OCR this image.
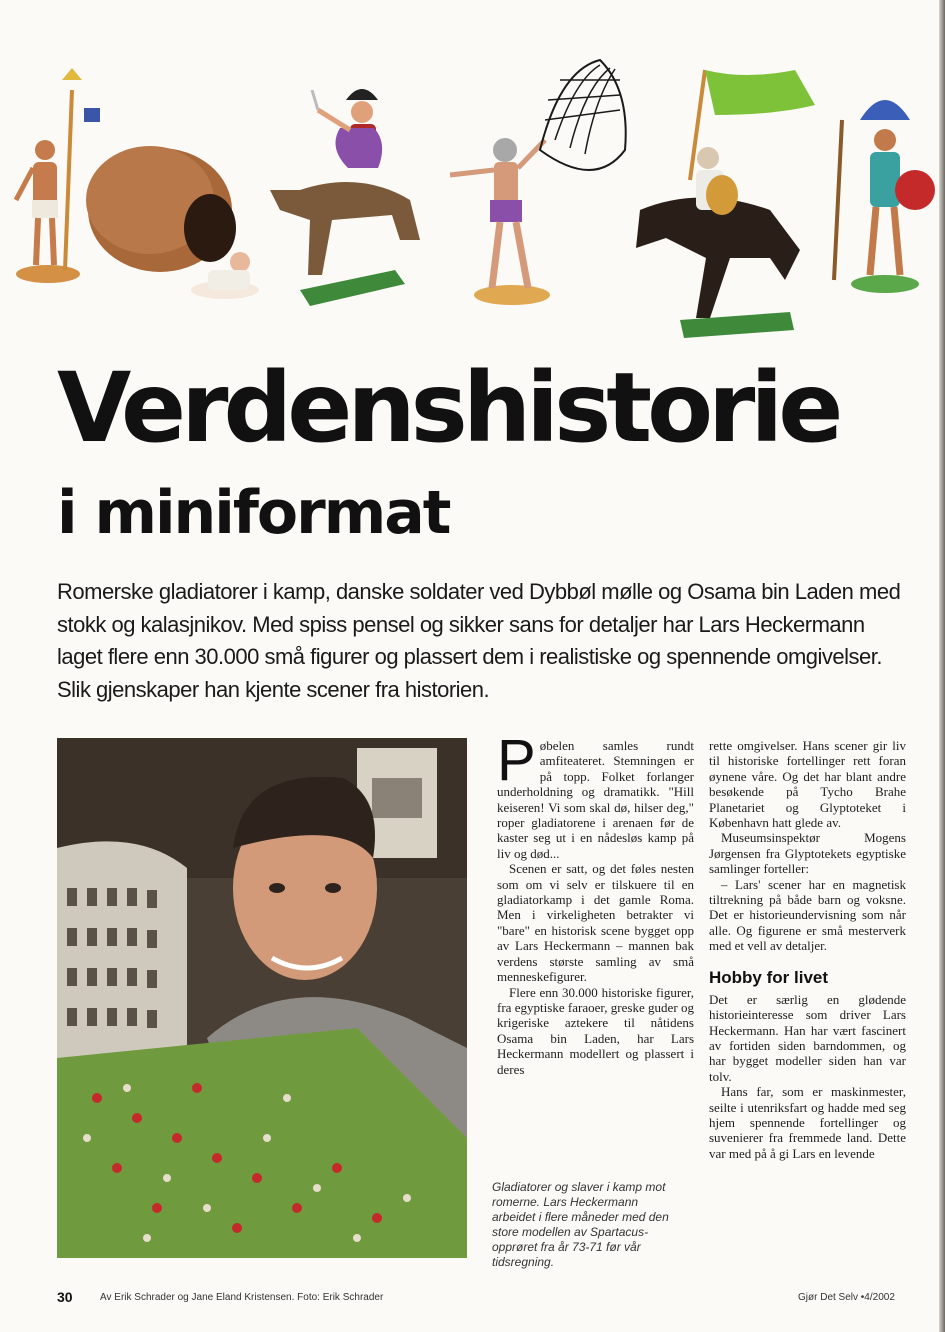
Verdenshistorie
i miniformat

Romerske gladiatorer i kamp, danske soldater ved Dybbøl mølle og Osama bin Laden med stokk og kalasjnikov. Med spiss pensel og sikker sans for detaljer har Lars Heckermann laget flere enn 30.000 små figurer og plassert dem i realistiske og spennende omgivelser. Slik gjenskaper han kjente scener fra historien.

Pøbelen samles rundt amfiteateret. Stemningen er på topp. Folket forlanger underholdning og dramatikk. "Hill keiseren! Vi som skal dø, hilser deg," roper gladiatorene i arenaen før de kaster seg ut i en nådesløs kamp på liv og død...

Scenen er satt, og det føles nesten som om vi selv er tilskuere til en gladiatorkamp i det gamle Roma. Men i virkeligheten betrakter vi "bare" en historisk scene bygget opp av Lars Heckermann – mannen bak verdens største samling av små menneskefigurer.

Flere enn 30.000 historiske figurer, fra egyptiske faraoer, greske guder og krigeriske aztekere til nåtidens Osama bin Laden, har Lars Heckermann modellert og plassert i deres

rette omgivelser. Hans scener gir liv til historiske fortellinger rett foran øynene våre. Og det har blant andre besøkende på Tycho Brahe Planetariet og Glyptoteket i København hatt glede av.

Museumsinspektør Mogens Jørgensen fra Glyptotekets egyptiske samlinger forteller:

– Lars' scener har en magnetisk tiltrekning på både barn og voksne. Det er historieundervisning som når alle. Og figurene er små mesterverk med et vell av detaljer.

Hobby for livet

Det er særlig en glødende historieinteresse som driver Lars Heckermann. Han har vært fascinert av fortiden siden barndommen, og har bygget modeller siden han var tolv.

Hans far, som er maskinmester, seilte i utenriksfart og hadde med seg hjem spennende fortellinger og suvenierer fra fremmede land. Dette var med på å gi Lars en levende

Gladiatorer og slaver i kamp mot romerne. Lars Heckermann arbeidet i flere måneder med den store modellen av Spartacus-opprøret fra år 73-71 før vår tidsregning.

30	Av Erik Schrader og Jane Eland Kristensen. Foto: Erik Schrader	Gjør Det Selv •4/2002
